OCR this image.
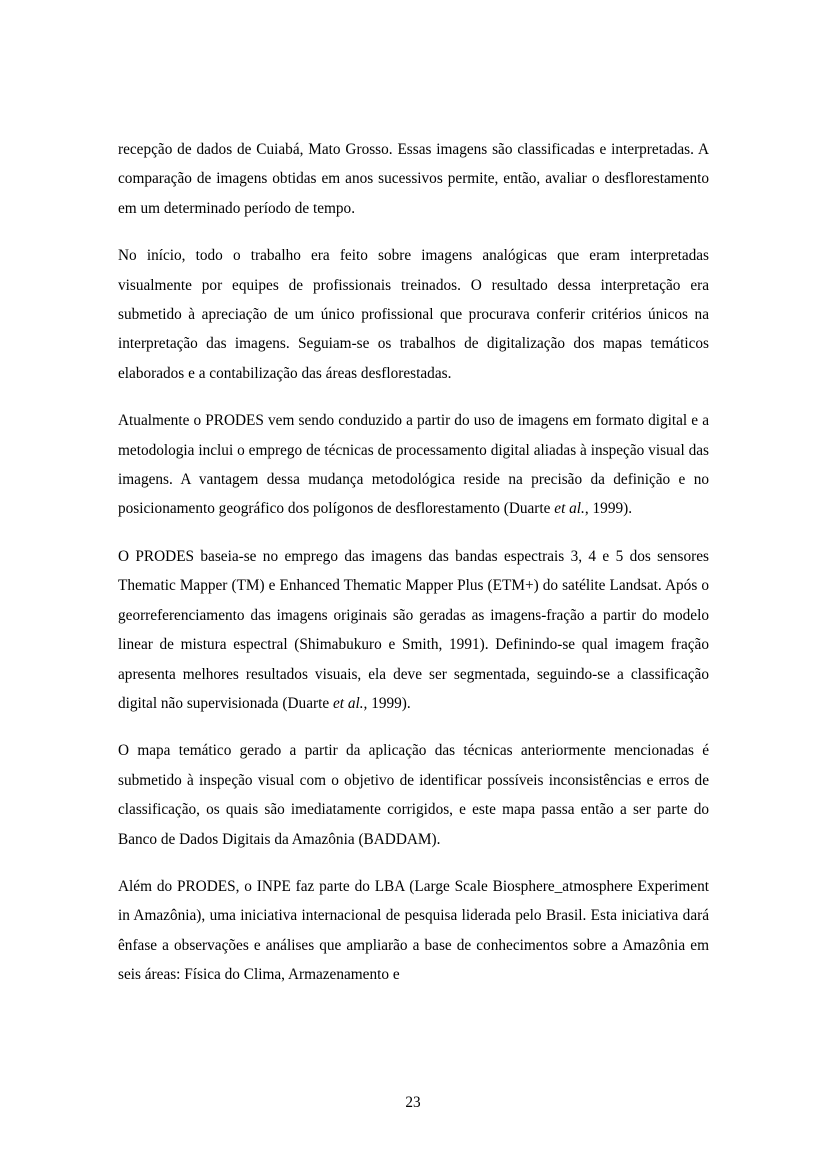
recepção de dados de Cuiabá, Mato Grosso. Essas imagens são classificadas e interpretadas. A comparação de imagens obtidas em anos sucessivos permite, então, avaliar o desflorestamento em um determinado período de tempo.

No início, todo o trabalho era feito sobre imagens analógicas que eram interpretadas visualmente por equipes de profissionais treinados. O resultado dessa interpretação era submetido à apreciação de um único profissional que procurava conferir critérios únicos na interpretação das imagens. Seguiam-se os trabalhos de digitalização dos mapas temáticos elaborados e a contabilização das áreas desflorestadas.

Atualmente o PRODES vem sendo conduzido a partir do uso de imagens em formato digital e a metodologia inclui o emprego de técnicas de processamento digital aliadas à inspeção visual das imagens. A vantagem dessa mudança metodológica reside na precisão da definição e no posicionamento geográfico dos polígonos de desflorestamento (Duarte et al., 1999).

O PRODES baseia-se no emprego das imagens das bandas espectrais 3, 4 e 5 dos sensores Thematic Mapper (TM) e Enhanced Thematic Mapper Plus (ETM+) do satélite Landsat. Após o georreferenciamento das imagens originais são geradas as imagens-fração a partir do modelo linear de mistura espectral (Shimabukuro e Smith, 1991). Definindo-se qual imagem fração apresenta melhores resultados visuais, ela deve ser segmentada, seguindo-se a classificação digital não supervisionada (Duarte et al., 1999).

O mapa temático gerado a partir da aplicação das técnicas anteriormente mencionadas é submetido à inspeção visual com o objetivo de identificar possíveis inconsistências e erros de classificação, os quais são imediatamente corrigidos, e este mapa passa então a ser parte do Banco de Dados Digitais da Amazônia (BADDAM).

Além do PRODES, o INPE faz parte do LBA (Large Scale Biosphere_atmosphere Experiment in Amazônia), uma iniciativa internacional de pesquisa liderada pelo Brasil. Esta iniciativa dará ênfase a observações e análises que ampliarão a base de conhecimentos sobre a Amazônia em seis áreas: Física do Clima, Armazenamento e

23
